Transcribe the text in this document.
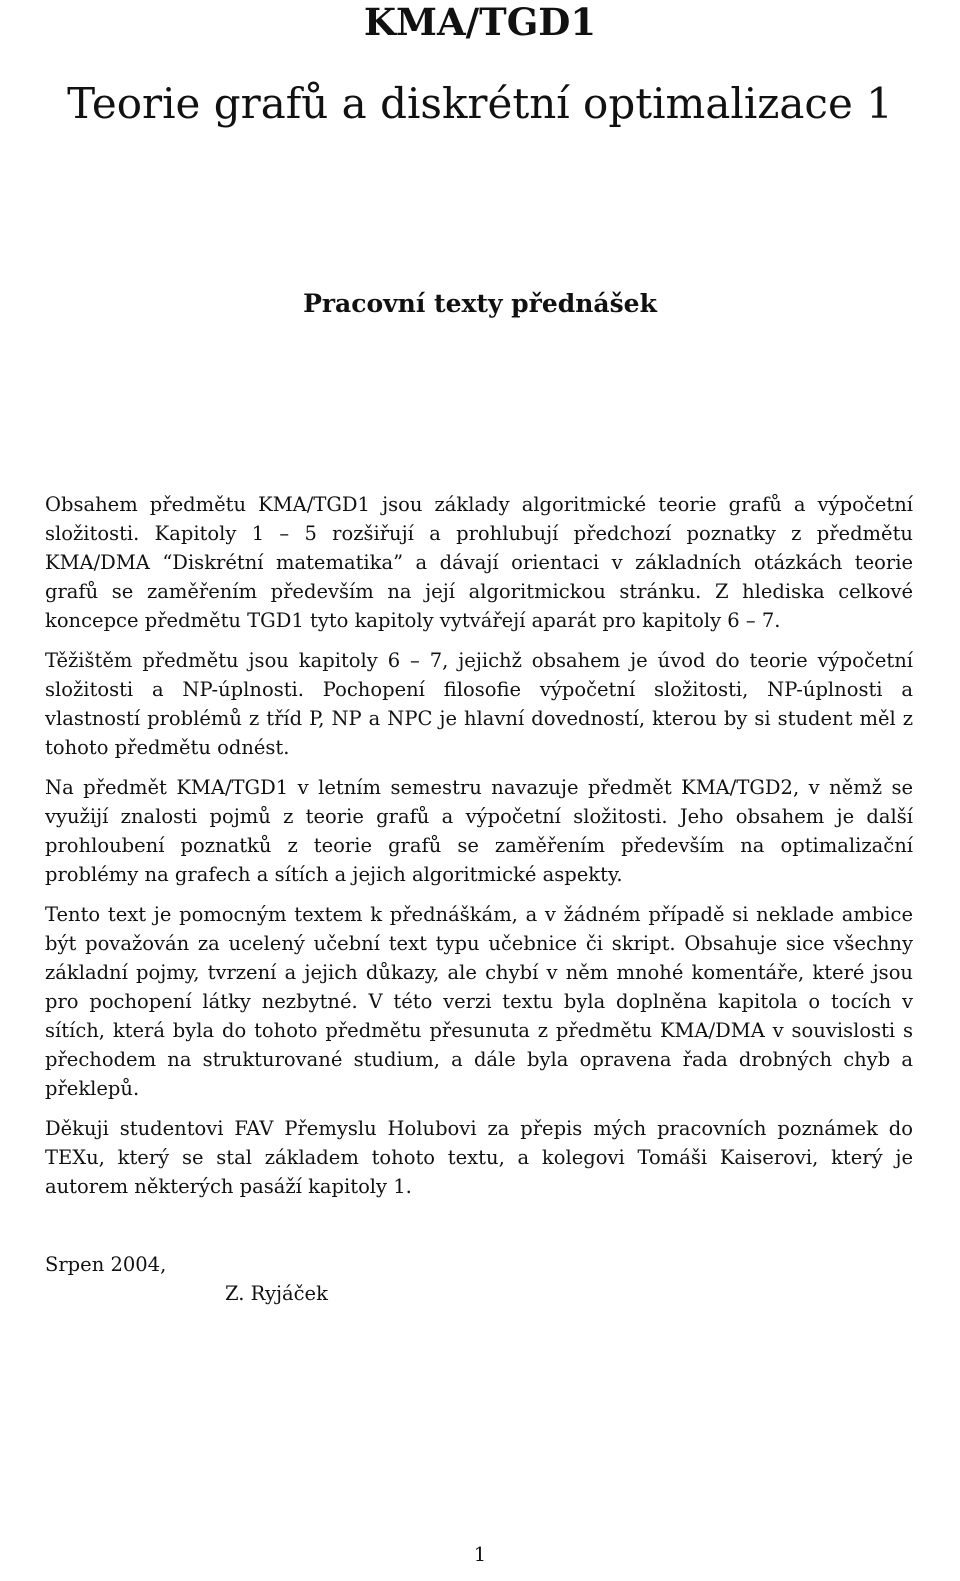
KMA/TGD1
Teorie grafů a diskrétní optimalizace 1
Pracovní texty přednášek

Obsahem předmětu KMA/TGD1 jsou základy algoritmické teorie grafů a výpočetní složitosti. Kapitoly 1 – 5 rozšiřují a prohlubují předchozí poznatky z předmětu KMA/DMA “Diskrétní matematika” a dávají orientaci v základních otázkách teorie grafů se zaměřením především na její algoritmickou stránku. Z hlediska celkové koncepce předmětu TGD1 tyto kapitoly vytvářejí aparát pro kapitoly 6 – 7.

Těžištěm předmětu jsou kapitoly 6 – 7, jejichž obsahem je úvod do teorie výpočetní složitosti a NP-úplnosti. Pochopení filosofie výpočetní složitosti, NP-úplnosti a vlastností problémů z tříd P, NP a NPC je hlavní dovedností, kterou by si student měl z tohoto předmětu odnést.

Na předmět KMA/TGD1 v letním semestru navazuje předmět KMA/TGD2, v němž se využijí znalosti pojmů z teorie grafů a výpočetní složitosti. Jeho obsahem je další prohloubení poznatků z teorie grafů se zaměřením především na optimalizační problémy na grafech a sítích a jejich algoritmické aspekty.

Tento text je pomocným textem k přednáškám, a v žádném případě si neklade ambice být považován za ucelený učební text typu učebnice či skript. Obsahuje sice všechny základní pojmy, tvrzení a jejich důkazy, ale chybí v něm mnohé komentáře, které jsou pro pochopení látky nezbytné. V této verzi textu byla doplněna kapitola o tocích v sítích, která byla do tohoto předmětu přesunuta z předmětu KMA/DMA v souvislosti s přechodem na strukturované studium, a dále byla opravena řada drobných chyb a překlepů.

Děkuji studentovi FAV Přemyslu Holubovi za přepis mých pracovních poznámek do TEXu, který se stal základem tohoto textu, a kolegovi Tomáši Kaiserovi, který je autorem některých pasáží kapitoly 1.

Srpen 2004,

Z. Ryjáček

1
